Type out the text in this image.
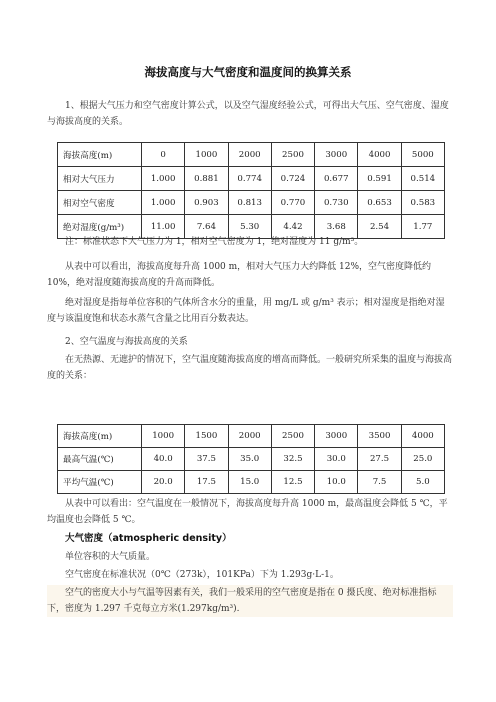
海拔高度与大气密度和温度间的换算关系
1、根据大气压力和空气密度计算公式，以及空气湿度经验公式，可得出大气压、空气密度、湿度与海拔高度的关系。
海拔高度(m)	0	1000	2000	2500	3000	4000	5000
相对大气压力	1.000	0.881	0.774	0.724	0.677	0.591	0.514
相对空气密度	1.000	0.903	0.813	0.770	0.730	0.653	0.583
绝对湿度(g/m³)	11.00	7.64	5.30	4.42	3.68	2.54	1.77
注：标准状态下大气压力为 1，相对空气密度为 1，绝对湿度为 11 g/m³。
从表中可以看出，海拔高度每升高 1000 m，相对大气压力大约降低 12%，空气密度降低约 10%，绝对湿度随海拔高度的升高而降低。
绝对湿度是指每单位容积的气体所含水分的重量，用 mg/L 或 g/m³ 表示；相对湿度是指绝对湿度与该温度饱和状态水蒸气含量之比用百分数表达。
2、空气温度与海拔高度的关系
在无热源、无遮护的情况下，空气温度随海拔高度的增高而降低。一般研究所采集的温度与海拔高度的关系：
海拔高度(m)	1000	1500	2000	2500	3000	3500	4000
最高气温(℃)	40.0	37.5	35.0	32.5	30.0	27.5	25.0
平均气温(℃)	20.0	17.5	15.0	12.5	10.0	7.5	5.0
从表中可以看出：空气温度在一般情况下，海拔高度每升高 1000 m，最高温度会降低 5 ℃，平均温度也会降低 5 ℃。
大气密度（atmospheric density）
单位容积的大气质量。
空气密度在标准状况（0℃（273k），101KPa）下为 1.293g·L-1。
空气的密度大小与气温等因素有关，我们一般采用的空气密度是指在 0 摄氏度、绝对标准指标下，密度为 1.297 千克每立方米(1.297kg/m³).
